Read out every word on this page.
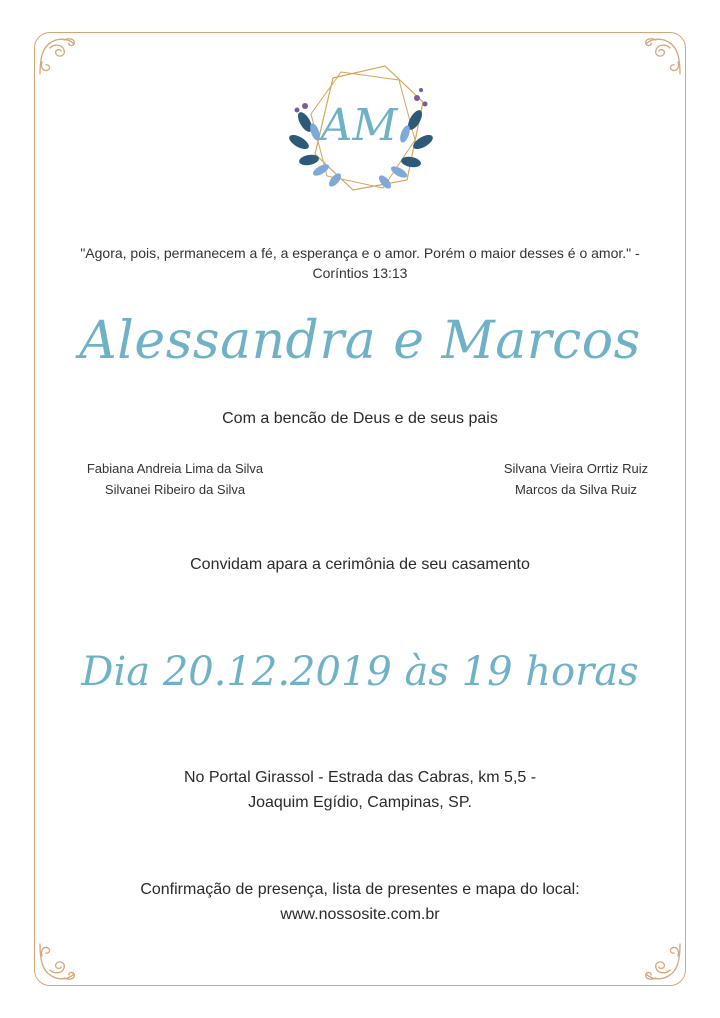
AM
"Agora, pois, permanecem a fé, a esperança e o amor. Porém o maior desses é o amor." -
Coríntios 13:13
Alessandra e Marcos
Com a bencão de Deus e de seus pais
Fabiana Andreia Lima da Silva
Silvanei Ribeiro da Silva
Silvana Vieira Orrtiz Ruiz
Marcos da Silva Ruiz
Convidam apara a cerimônia de seu casamento
Dia 20.12.2019 às 19 horas
No Portal Girassol - Estrada das Cabras, km 5,5 -
Joaquim Egídio, Campinas, SP.
Confirmação de presença, lista de presentes e mapa do local:
www.nossosite.com.br
